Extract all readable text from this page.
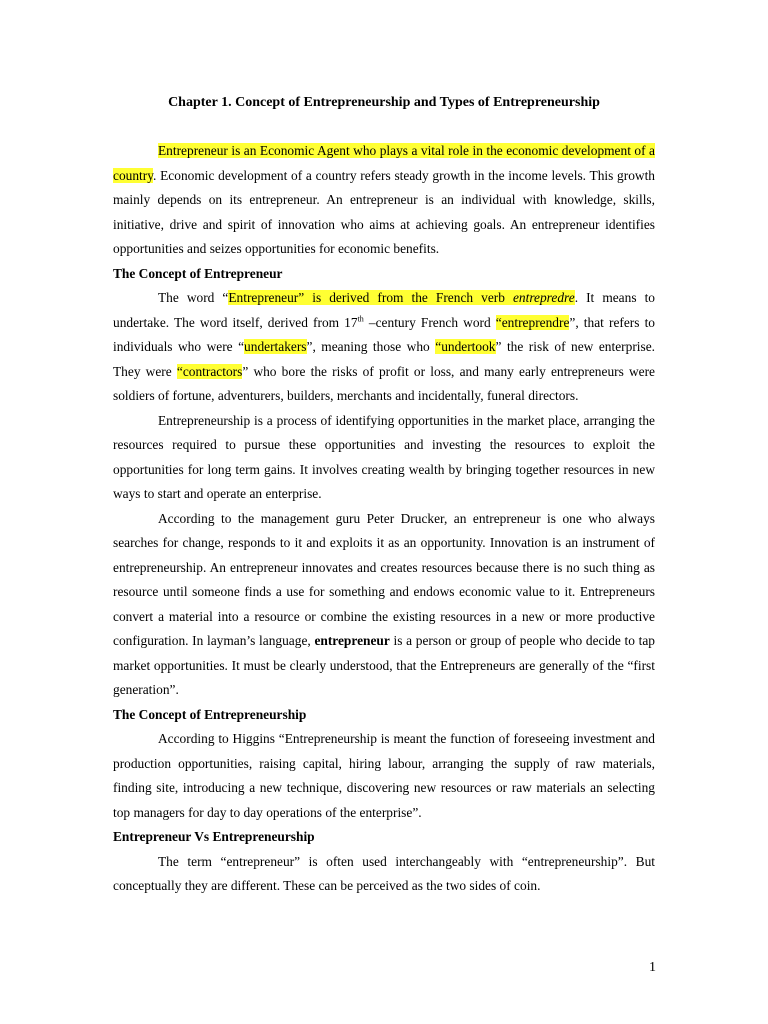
Chapter 1. Concept of Entrepreneurship and Types of Entrepreneurship

Entrepreneur is an Economic Agent who plays a vital role in the economic development of a country. Economic development of a country refers steady growth in the income levels. This growth mainly depends on its entrepreneur. An entrepreneur is an individual with knowledge, skills, initiative, drive and spirit of innovation who aims at achieving goals. An entrepreneur identifies opportunities and seizes opportunities for economic benefits.

The Concept of Entrepreneur

The word “Entrepreneur” is derived from the French verb entrepredre. It means to undertake. The word itself, derived from 17th –century French word “entreprendre”, that refers to individuals who were “undertakers”, meaning those who “undertook” the risk of new enterprise. They were “contractors” who bore the risks of profit or loss, and many early entrepreneurs were soldiers of fortune, adventurers, builders, merchants and incidentally, funeral directors.

Entrepreneurship is a process of identifying opportunities in the market place, arranging the resources required to pursue these opportunities and investing the resources to exploit the opportunities for long term gains. It involves creating wealth by bringing together resources in new ways to start and operate an enterprise.

According to the management guru Peter Drucker, an entrepreneur is one who always searches for change, responds to it and exploits it as an opportunity. Innovation is an instrument of entrepreneurship. An entrepreneur innovates and creates resources because there is no such thing as resource until someone finds a use for something and endows economic value to it. Entrepreneurs convert a material into a resource or combine the existing resources in a new or more productive configuration. In layman’s language, entrepreneur is a person or group of people who decide to tap market opportunities. It must be clearly understood, that the Entrepreneurs are generally of the “first generation”.

The Concept of Entrepreneurship

According to Higgins “Entrepreneurship is meant the function of foreseeing investment and production opportunities, raising capital, hiring labour, arranging the supply of raw materials, finding site, introducing a new technique, discovering new resources or raw materials an selecting top managers for day to day operations of the enterprise”.

Entrepreneur Vs Entrepreneurship

The term “entrepreneur” is often used interchangeably with “entrepreneurship”. But conceptually they are different. These can be perceived as the two sides of coin.

1
